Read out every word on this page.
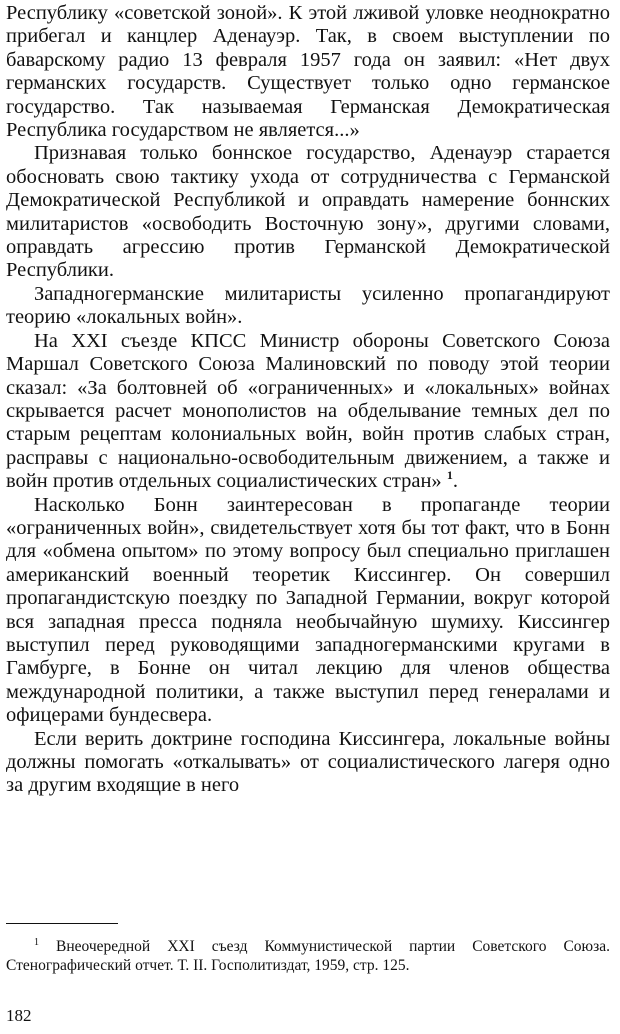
Республику «советской зоной». К этой лживой уловке неоднократно прибегал и канцлер Аденауэр. Так, в своем выступлении по баварскому радио 13 февраля 1957 года он заявил: «Нет двух германских государств. Существует только одно германское государство. Так называемая Германская Демократическая Республика государством не является...»

Признавая только боннское государство, Аденауэр старается обосновать свою тактику ухода от сотрудничества с Германской Демократической Республикой и оправдать намерение боннских милитаристов «освободить Восточную зону», другими словами, оправдать агрессию против Германской Демократической Республики.

Западногерманские милитаристы усиленно пропагандируют теорию «локальных войн».

На XXI съезде КПСС Министр обороны Советского Союза Маршал Советского Союза Малиновский по поводу этой теории сказал: «За болтовней об «ограниченных» и «локальных» войнах скрывается расчет монополистов на обделывание темных дел по старым рецептам колониальных войн, войн против слабых стран, расправы с национально-освободительным движением, а также и войн против отдельных социалистических стран» $^1$.

Насколько Бонн заинтересован в пропаганде теории «ограниченных войн», свидетельствует хотя бы тот факт, что в Бонн для «обмена опытом» по этому вопросу был специально приглашен американский военный теоретик Киссингер. Он совершил пропагандистскую поездку по Западной Германии, вокруг которой вся западная пресса подняла необычайную шумиху. Киссингер выступил перед руководящими западногерманскими кругами в Гамбурге, в Бонне он читал лекцию для членов общества международной политики, а также выступил перед генералами и офицерами бундесвера.

Если верить доктрине господина Киссингера, локальные войны должны помогать «откалывать» от социалистического лагеря одно за другим входящие в него

$^1$ Внеочередной XXI съезд Коммунистической партии Советского Союза. Стенографический отчет. Т. II. Госполитиздат, 1959, стр. 125.

182
